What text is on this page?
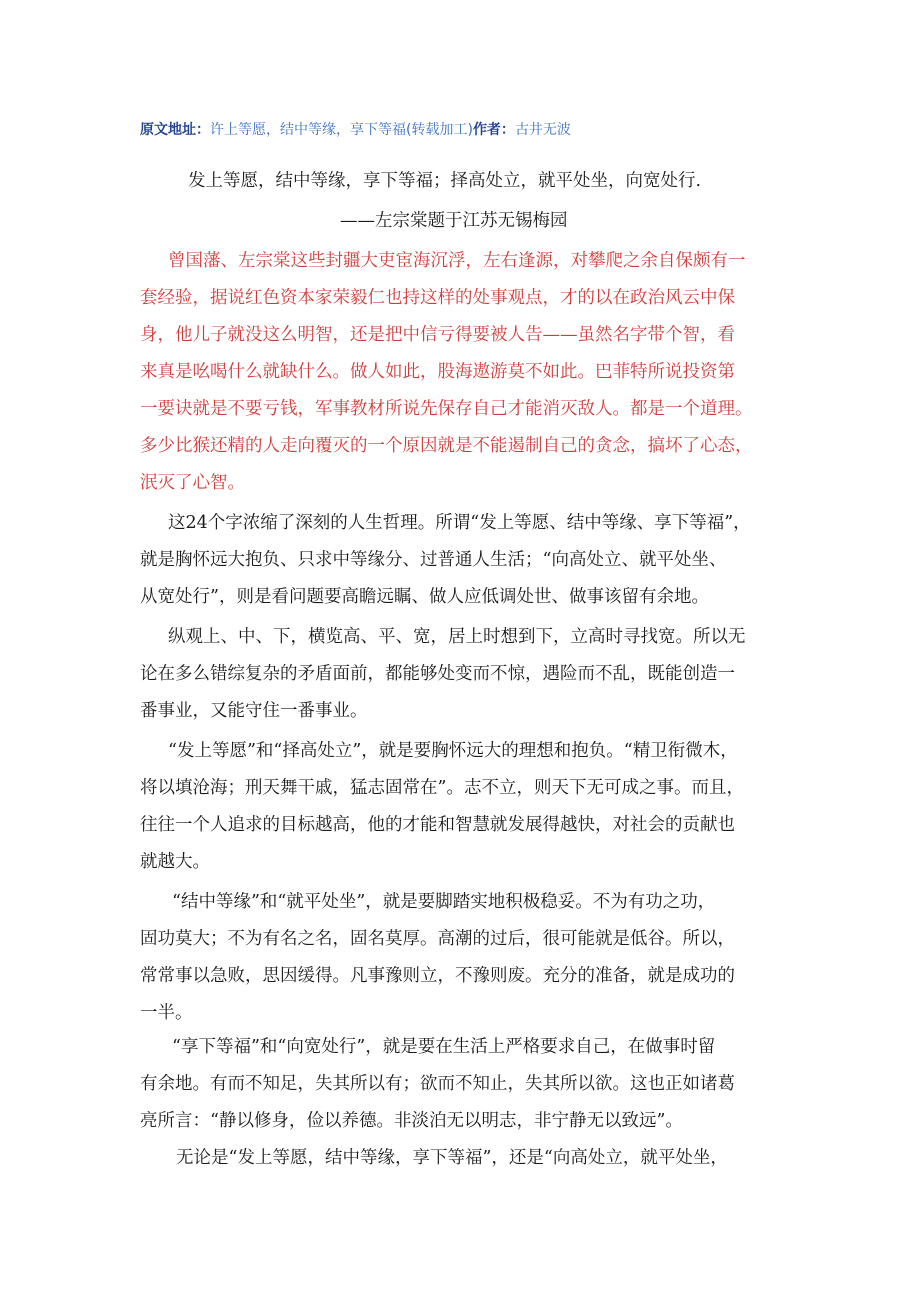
原文地址：许上等愿，结中等缘，享下等福(转载加工)作者：古井无波
发上等愿，结中等缘，享下等福；择高处立，就平处坐，向宽处行.
——左宗棠题于江苏无锡梅园
曾国藩、左宗棠这些封疆大吏宦海沉浮，左右逢源，对攀爬之余自保颇有一
套经验，据说红色资本家荣毅仁也持这样的处事观点，才的以在政治风云中保
身，他儿子就没这么明智，还是把中信亏得要被人告——虽然名字带个智，看
来真是吆喝什么就缺什么。做人如此，股海遨游莫不如此。巴菲特所说投资第
一要诀就是不要亏钱，军事教材所说先保存自己才能消灭敌人。都是一个道理。
多少比猴还精的人走向覆灭的一个原因就是不能遏制自己的贪念，搞坏了心态，
泯灭了心智。
这24个字浓缩了深刻的人生哲理。所谓“发上等愿、结中等缘、享下等福”，
就是胸怀远大抱负、只求中等缘分、过普通人生活；“向高处立、就平处坐、
从宽处行”，则是看问题要高瞻远瞩、做人应低调处世、做事该留有余地。
纵观上、中、下，横览高、平、宽，居上时想到下，立高时寻找宽。所以无
论在多么错综复杂的矛盾面前，都能够处变而不惊，遇险而不乱，既能创造一
番事业，又能守住一番事业。
“发上等愿”和“择高处立”，就是要胸怀远大的理想和抱负。“精卫衔微木，
将以填沧海；刑天舞干戚，猛志固常在”。志不立，则天下无可成之事。而且，
往往一个人追求的目标越高，他的才能和智慧就发展得越快，对社会的贡献也
就越大。
“结中等缘”和“就平处坐”，就是要脚踏实地积极稳妥。不为有功之功，
固功莫大；不为有名之名，固名莫厚。高潮的过后，很可能就是低谷。所以，
常常事以急败，思因缓得。凡事豫则立，不豫则废。充分的准备，就是成功的
一半。
“享下等福”和“向宽处行”，就是要在生活上严格要求自己，在做事时留
有余地。有而不知足，失其所以有；欲而不知止，失其所以欲。这也正如诸葛
亮所言：“静以修身，俭以养德。非淡泊无以明志，非宁静无以致远”。
无论是“发上等愿，结中等缘，享下等福”，还是“向高处立，就平处坐，
